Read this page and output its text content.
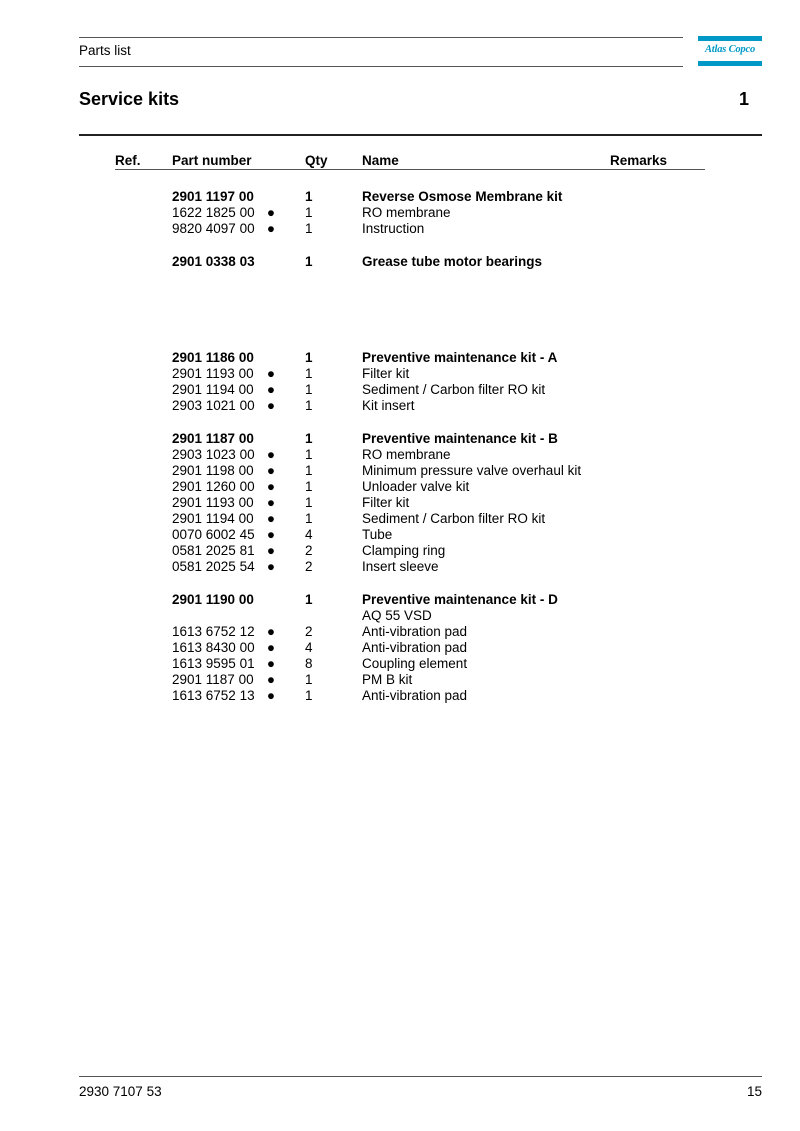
Parts list	Atlas Copco
Service kits	1
Ref. Part number	Qty	Name	Remarks
2901 1197 00	1	Reverse Osmose Membrane kit
1622 1825 00 ● 1	RO membrane
9820 4097 00 ● 1	Instruction
2901 0338 03	1	Grease tube motor bearings
2901 1186 00	1	Preventive maintenance kit - A
2901 1193 00 ● 1	Filter kit
2901 1194 00 ● 1	Sediment / Carbon filter RO kit
2903 1021 00 ● 1	Kit insert
2901 1187 00	1	Preventive maintenance kit - B
2903 1023 00 ● 1	RO membrane
2901 1198 00 ● 1	Minimum pressure valve overhaul kit
2901 1260 00 ● 1	Unloader valve kit
2901 1193 00 ● 1	Filter kit
2901 1194 00 ● 1	Sediment / Carbon filter RO kit
0070 6002 45 ● 4	Tube
0581 2025 81 ● 2	Clamping ring
0581 2025 54 ● 2	Insert sleeve
2901 1190 00	1	Preventive maintenance kit - D
AQ 55 VSD
1613 6752 12 ● 2	Anti-vibration pad
1613 8430 00 ● 4	Anti-vibration pad
1613 9595 01 ● 8	Coupling element
2901 1187 00 ● 1	PM B kit
1613 6752 13 ● 1	Anti-vibration pad
2930 7107 53	15
